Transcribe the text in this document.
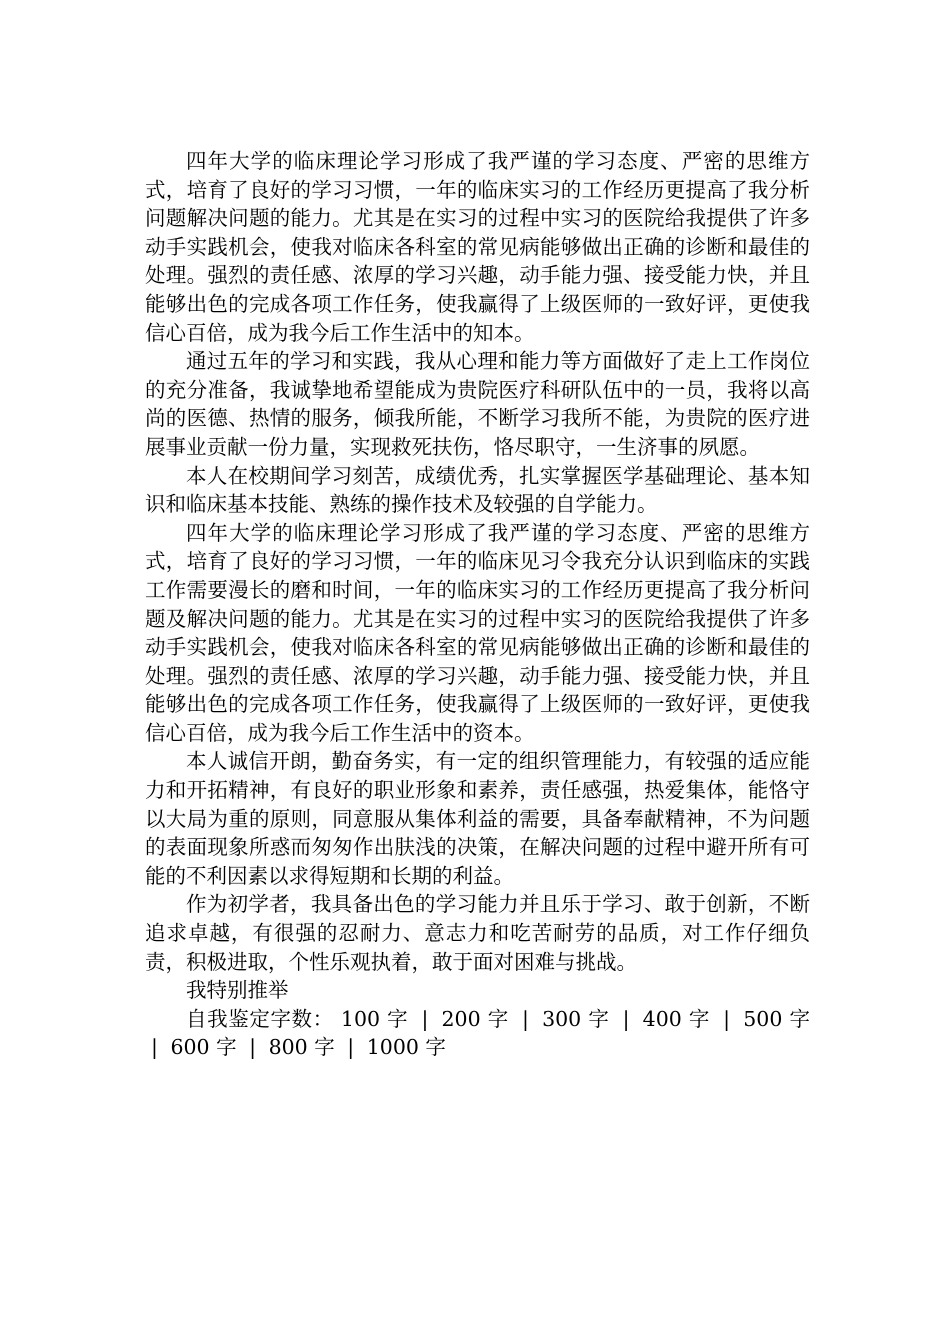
四年大学的临床理论学习形成了我严谨的学习态度、严密的思维方式，培育了良好的学习习惯，一年的临床实习的工作经历更提高了我分析问题解决问题的能力。尤其是在实习的过程中实习的医院给我提供了许多动手实践机会，使我对临床各科室的常见病能够做出正确的诊断和最佳的处理。强烈的责任感、浓厚的学习兴趣，动手能力强、接受能力快，并且能够出色的完成各项工作任务，使我赢得了上级医师的一致好评，更使我信心百倍，成为我今后工作生活中的知本。

通过五年的学习和实践，我从心理和能力等方面做好了走上工作岗位的充分准备，我诚挚地希望能成为贵院医疗科研队伍中的一员，我将以高尚的医德、热情的服务，倾我所能，不断学习我所不能，为贵院的医疗进展事业贡献一份力量，实现救死扶伤，恪尽职守，一生济事的夙愿。

本人在校期间学习刻苦，成绩优秀，扎实掌握医学基础理论、基本知识和临床基本技能、熟练的操作技术及较强的自学能力。

四年大学的临床理论学习形成了我严谨的学习态度、严密的思维方式，培育了良好的学习习惯，一年的临床见习令我充分认识到临床的实践工作需要漫长的磨和时间，一年的临床实习的工作经历更提高了我分析问题及解决问题的能力。尤其是在实习的过程中实习的医院给我提供了许多动手实践机会，使我对临床各科室的常见病能够做出正确的诊断和最佳的处理。强烈的责任感、浓厚的学习兴趣，动手能力强、接受能力快，并且能够出色的完成各项工作任务，使我赢得了上级医师的一致好评，更使我信心百倍，成为我今后工作生活中的资本。

本人诚信开朗，勤奋务实，有一定的组织管理能力，有较强的适应能力和开拓精神，有良好的职业形象和素养，责任感强，热爱集体，能恪守以大局为重的原则，同意服从集体利益的需要，具备奉献精神，不为问题的表面现象所惑而匆匆作出肤浅的决策，在解决问题的过程中避开所有可能的不利因素以求得短期和长期的利益。

作为初学者，我具备出色的学习能力并且乐于学习、敢于创新，不断追求卓越，有很强的忍耐力、意志力和吃苦耐劳的品质，对工作仔细负责，积极进取，个性乐观执着，敢于面对困难与挑战。

我特别推举

自我鉴定字数： 100 字 | 200 字 | 300 字 | 400 字 | 500 字 | 600 字 | 800 字 | 1000 字
